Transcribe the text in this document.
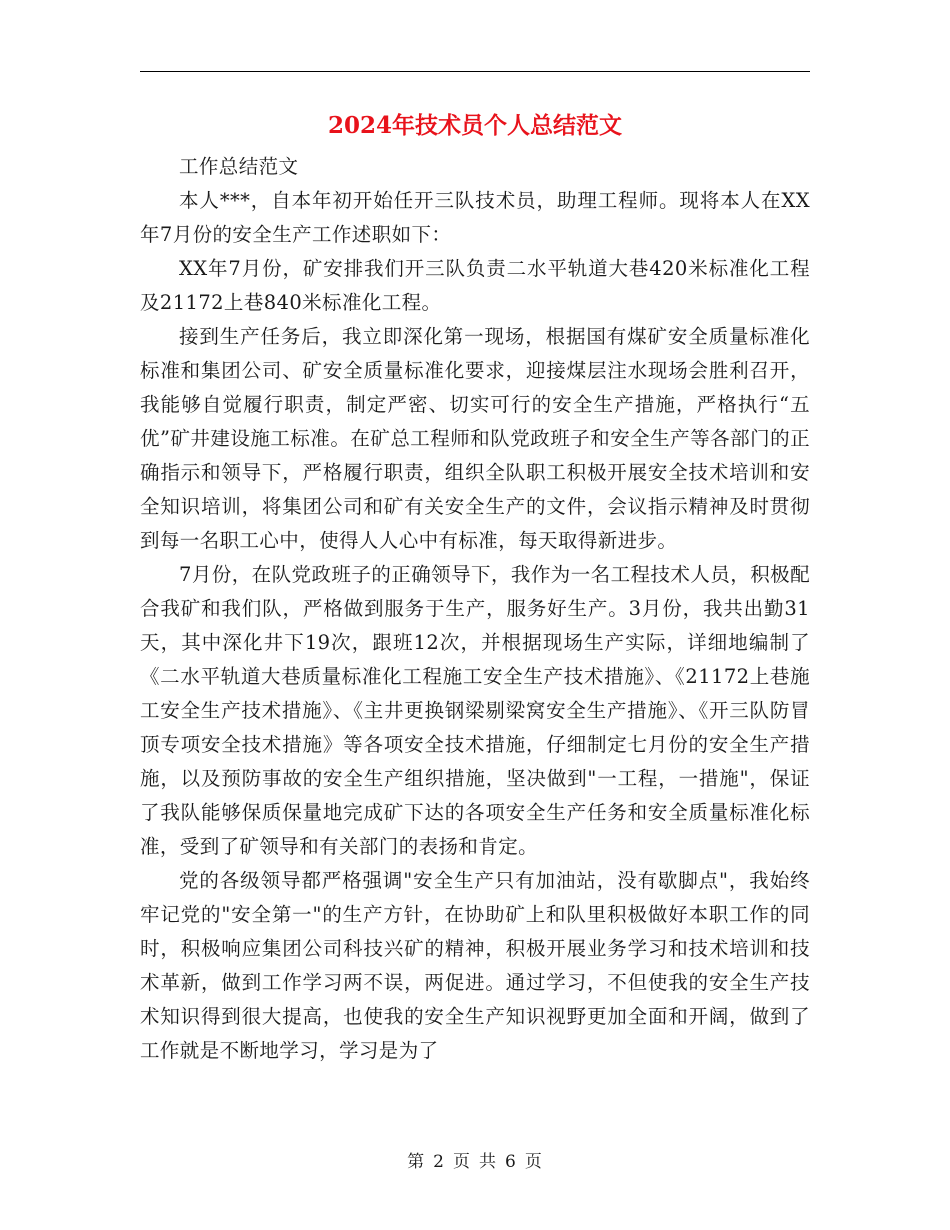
2024年技术员个人总结范文

工作总结范文

本人***，自本年初开始任开三队技术员，助理工程师。现将本人在XX年7月份的安全生产工作述职如下：

XX年7月份，矿安排我们开三队负责二水平轨道大巷420米标准化工程及21172上巷840米标准化工程。

接到生产任务后，我立即深化第一现场，根据国有煤矿安全质量标准化标准和集团公司、矿安全质量标准化要求，迎接煤层注水现场会胜利召开，我能够自觉履行职责，制定严密、切实可行的安全生产措施，严格执行“五优”矿井建设施工标准。在矿总工程师和队党政班子和安全生产等各部门的正确指示和领导下，严格履行职责，组织全队职工积极开展安全技术培训和安全知识培训，将集团公司和矿有关安全生产的文件，会议指示精神及时贯彻到每一名职工心中，使得人人心中有标准，每天取得新进步。

7月份，在队党政班子的正确领导下，我作为一名工程技术人员，积极配合我矿和我们队，严格做到服务于生产，服务好生产。3月份，我共出勤31天，其中深化井下19次，跟班12次，并根据现场生产实际，详细地编制了《二水平轨道大巷质量标准化工程施工安全生产技术措施》、《21172上巷施工安全生产技术措施》、《主井更换钢梁剔梁窝安全生产措施》、《开三队防冒顶专项安全技术措施》等各项安全技术措施，仔细制定七月份的安全生产措施，以及预防事故的安全生产组织措施，坚决做到"一工程，一措施"，保证了我队能够保质保量地完成矿下达的各项安全生产任务和安全质量标准化标准，受到了矿领导和有关部门的表扬和肯定。

党的各级领导都严格强调"安全生产只有加油站，没有歇脚点"，我始终牢记党的"安全第一"的生产方针，在协助矿上和队里积极做好本职工作的同时，积极响应集团公司科技兴矿的精神，积极开展业务学习和技术培训和技术革新，做到工作学习两不误，两促进。通过学习，不但使我的安全生产技术知识得到很大提高，也使我的安全生产知识视野更加全面和开阔，做到了工作就是不断地学习，学习是为了

第 2 页 共 6 页
